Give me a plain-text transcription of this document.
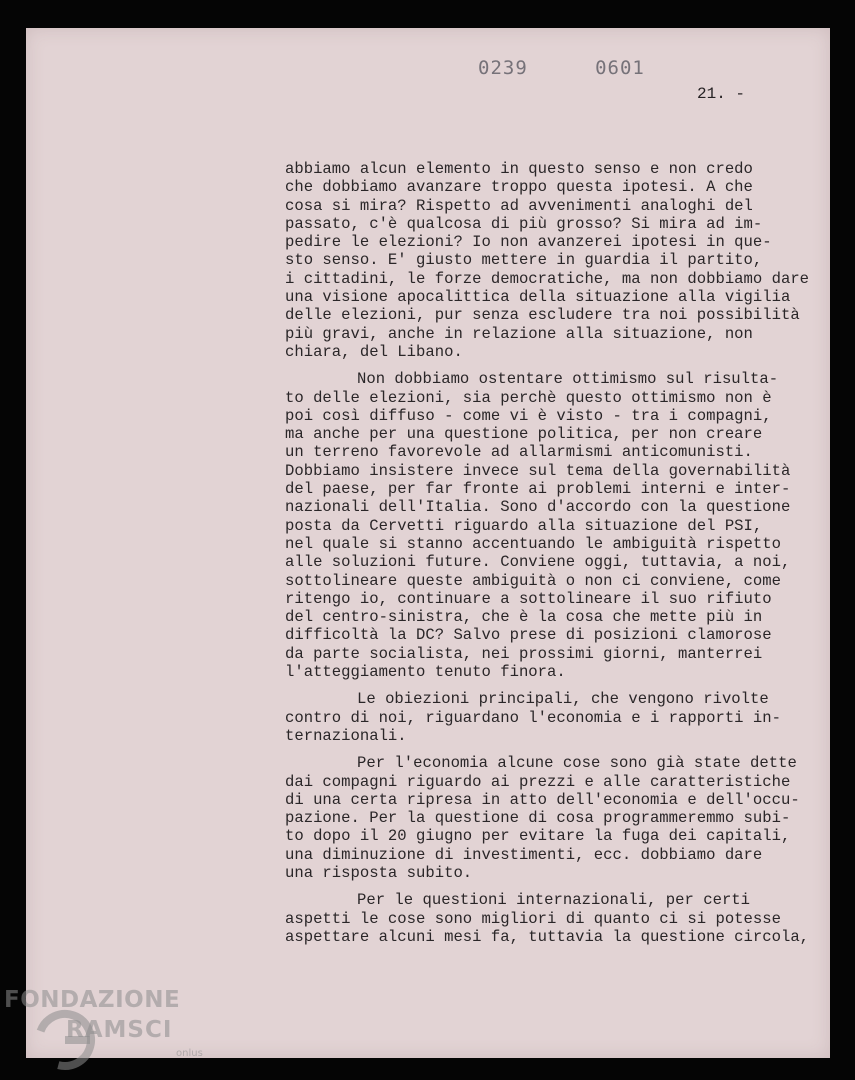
0239   0601
21. -
abbiamo alcun elemento in questo senso e non credo
che dobbiamo avanzare troppo questa ipotesi. A che
cosa si mira? Rispetto ad avvenimenti analoghi del
passato, c'è qualcosa di più grosso? Si mira ad im-
pedire le elezioni? Io non avanzerei ipotesi in que-
sto senso. E' giusto mettere in guardia il partito,
i cittadini, le forze democratiche, ma non dobbiamo dare
una visione apocalittica della situazione alla vigilia
delle elezioni, pur senza escludere tra noi possibilità
più gravi, anche in relazione alla situazione, non
chiara, del Libano.
Non dobbiamo ostentare ottimismo sul risulta-
to delle elezioni, sia perchè questo ottimismo non è
poi così diffuso - come vi è visto - tra i compagni,
ma anche per una questione politica, per non creare
un terreno favorevole ad allarmismi anticomunisti.
Dobbiamo insistere invece sul tema della governabilità
del paese, per far fronte ai problemi interni e inter-
nazionali dell'Italia. Sono d'accordo con la questione
posta da Cervetti riguardo alla situazione del PSI,
nel quale si stanno accentuando le ambiguità rispetto
alle soluzioni future. Conviene oggi, tuttavia, a noi,
sottolineare queste ambiguità o non ci conviene, come
ritengo io, continuare a sottolineare il suo rifiuto
del centro-sinistra, che è la cosa che mette più in
difficoltà la DC? Salvo prese di posizioni clamorose
da parte socialista, nei prossimi giorni, manterrei
l'atteggiamento tenuto finora.
Le obiezioni principali, che vengono rivolte
contro di noi, riguardano l'economia e i rapporti in-
ternazionali.
Per l'economia alcune cose sono già state dette
dai compagni riguardo ai prezzi e alle caratteristiche
di una certa ripresa in atto dell'economia e dell'occu-
pazione. Per la questione di cosa programmeremmo subi-
to dopo il 20 giugno per evitare la fuga dei capitali,
una diminuzione di investimenti, ecc. dobbiamo dare
una risposta subito.
Per le questioni internazionali, per certi
aspetti le cose sono migliori di quanto ci si potesse
aspettare alcuni mesi fa, tuttavia la questione circola,
FONDAZIONE
RAMSCI
onlus
